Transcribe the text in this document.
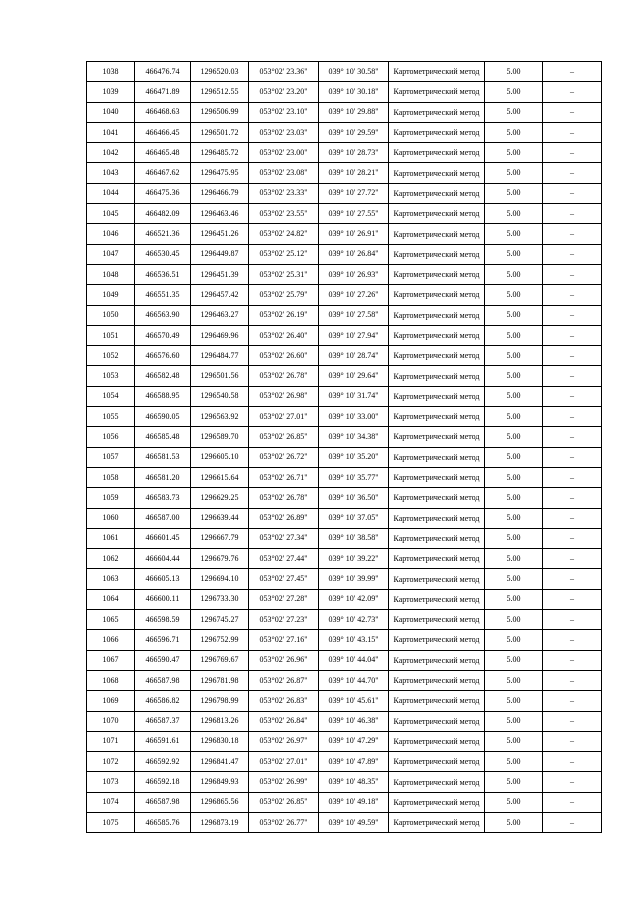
1038	466476.74	1296520.03	053°02' 23.36"	039° 10' 30.58"	Картометрический метод	5.00	–
1039	466471.89	1296512.55	053°02' 23.20"	039° 10' 30.18"	Картометрический метод	5.00	–
1040	466468.63	1296506.99	053°02' 23.10"	039° 10' 29.88"	Картометрический метод	5.00	–
1041	466466.45	1296501.72	053°02' 23.03"	039° 10' 29.59"	Картометрический метод	5.00	–
1042	466465.48	1296485.72	053°02' 23.00"	039° 10' 28.73"	Картометрический метод	5.00	–
1043	466467.62	1296475.95	053°02' 23.08"	039° 10' 28.21"	Картометрический метод	5.00	–
1044	466475.36	1296466.79	053°02' 23.33"	039° 10' 27.72"	Картометрический метод	5.00	–
1045	466482.09	1296463.46	053°02' 23.55"	039° 10' 27.55"	Картометрический метод	5.00	–
1046	466521.36	1296451.26	053°02' 24.82"	039° 10' 26.91"	Картометрический метод	5.00	–
1047	466530.45	1296449.87	053°02' 25.12"	039° 10' 26.84"	Картометрический метод	5.00	–
1048	466536.51	1296451.39	053°02' 25.31"	039° 10' 26.93"	Картометрический метод	5.00	–
1049	466551.35	1296457.42	053°02' 25.79"	039° 10' 27.26"	Картометрический метод	5.00	–
1050	466563.90	1296463.27	053°02' 26.19"	039° 10' 27.58"	Картометрический метод	5.00	–
1051	466570.49	1296469.96	053°02' 26.40"	039° 10' 27.94"	Картометрический метод	5.00	–
1052	466576.60	1296484.77	053°02' 26.60"	039° 10' 28.74"	Картометрический метод	5.00	–
1053	466582.48	1296501.56	053°02' 26.78"	039° 10' 29.64"	Картометрический метод	5.00	–
1054	466588.95	1296540.58	053°02' 26.98"	039° 10' 31.74"	Картометрический метод	5.00	–
1055	466590.05	1296563.92	053°02' 27.01"	039° 10' 33.00"	Картометрический метод	5.00	–
1056	466585.48	1296589.70	053°02' 26.85"	039° 10' 34.38"	Картометрический метод	5.00	–
1057	466581.53	1296605.10	053°02' 26.72"	039° 10' 35.20"	Картометрический метод	5.00	–
1058	466581.20	1296615.64	053°02' 26.71"	039° 10' 35.77"	Картометрический метод	5.00	–
1059	466583.73	1296629.25	053°02' 26.78"	039° 10' 36.50"	Картометрический метод	5.00	–
1060	466587.00	1296639.44	053°02' 26.89"	039° 10' 37.05"	Картометрический метод	5.00	–
1061	466601.45	1296667.79	053°02' 27.34"	039° 10' 38.58"	Картометрический метод	5.00	–
1062	466604.44	1296679.76	053°02' 27.44"	039° 10' 39.22"	Картометрический метод	5.00	–
1063	466605.13	1296694.10	053°02' 27.45"	039° 10' 39.99"	Картометрический метод	5.00	–
1064	466600.11	1296733.30	053°02' 27.28"	039° 10' 42.09"	Картометрический метод	5.00	–
1065	466598.59	1296745.27	053°02' 27.23"	039° 10' 42.73"	Картометрический метод	5.00	–
1066	466596.71	1296752.99	053°02' 27.16"	039° 10' 43.15"	Картометрический метод	5.00	–
1067	466590.47	1296769.67	053°02' 26.96"	039° 10' 44.04"	Картометрический метод	5.00	–
1068	466587.98	1296781.98	053°02' 26.87"	039° 10' 44.70"	Картометрический метод	5.00	–
1069	466586.82	1296798.99	053°02' 26.83"	039° 10' 45.61"	Картометрический метод	5.00	–
1070	466587.37	1296813.26	053°02' 26.84"	039° 10' 46.38"	Картометрический метод	5.00	–
1071	466591.61	1296830.18	053°02' 26.97"	039° 10' 47.29"	Картометрический метод	5.00	–
1072	466592.92	1296841.47	053°02' 27.01"	039° 10' 47.89"	Картометрический метод	5.00	–
1073	466592.18	1296849.93	053°02' 26.99"	039° 10' 48.35"	Картометрический метод	5.00	–
1074	466587.98	1296865.56	053°02' 26.85"	039° 10' 49.18"	Картометрический метод	5.00	–
1075	466585.76	1296873.19	053°02' 26.77"	039° 10' 49.59"	Картометрический метод	5.00	–
